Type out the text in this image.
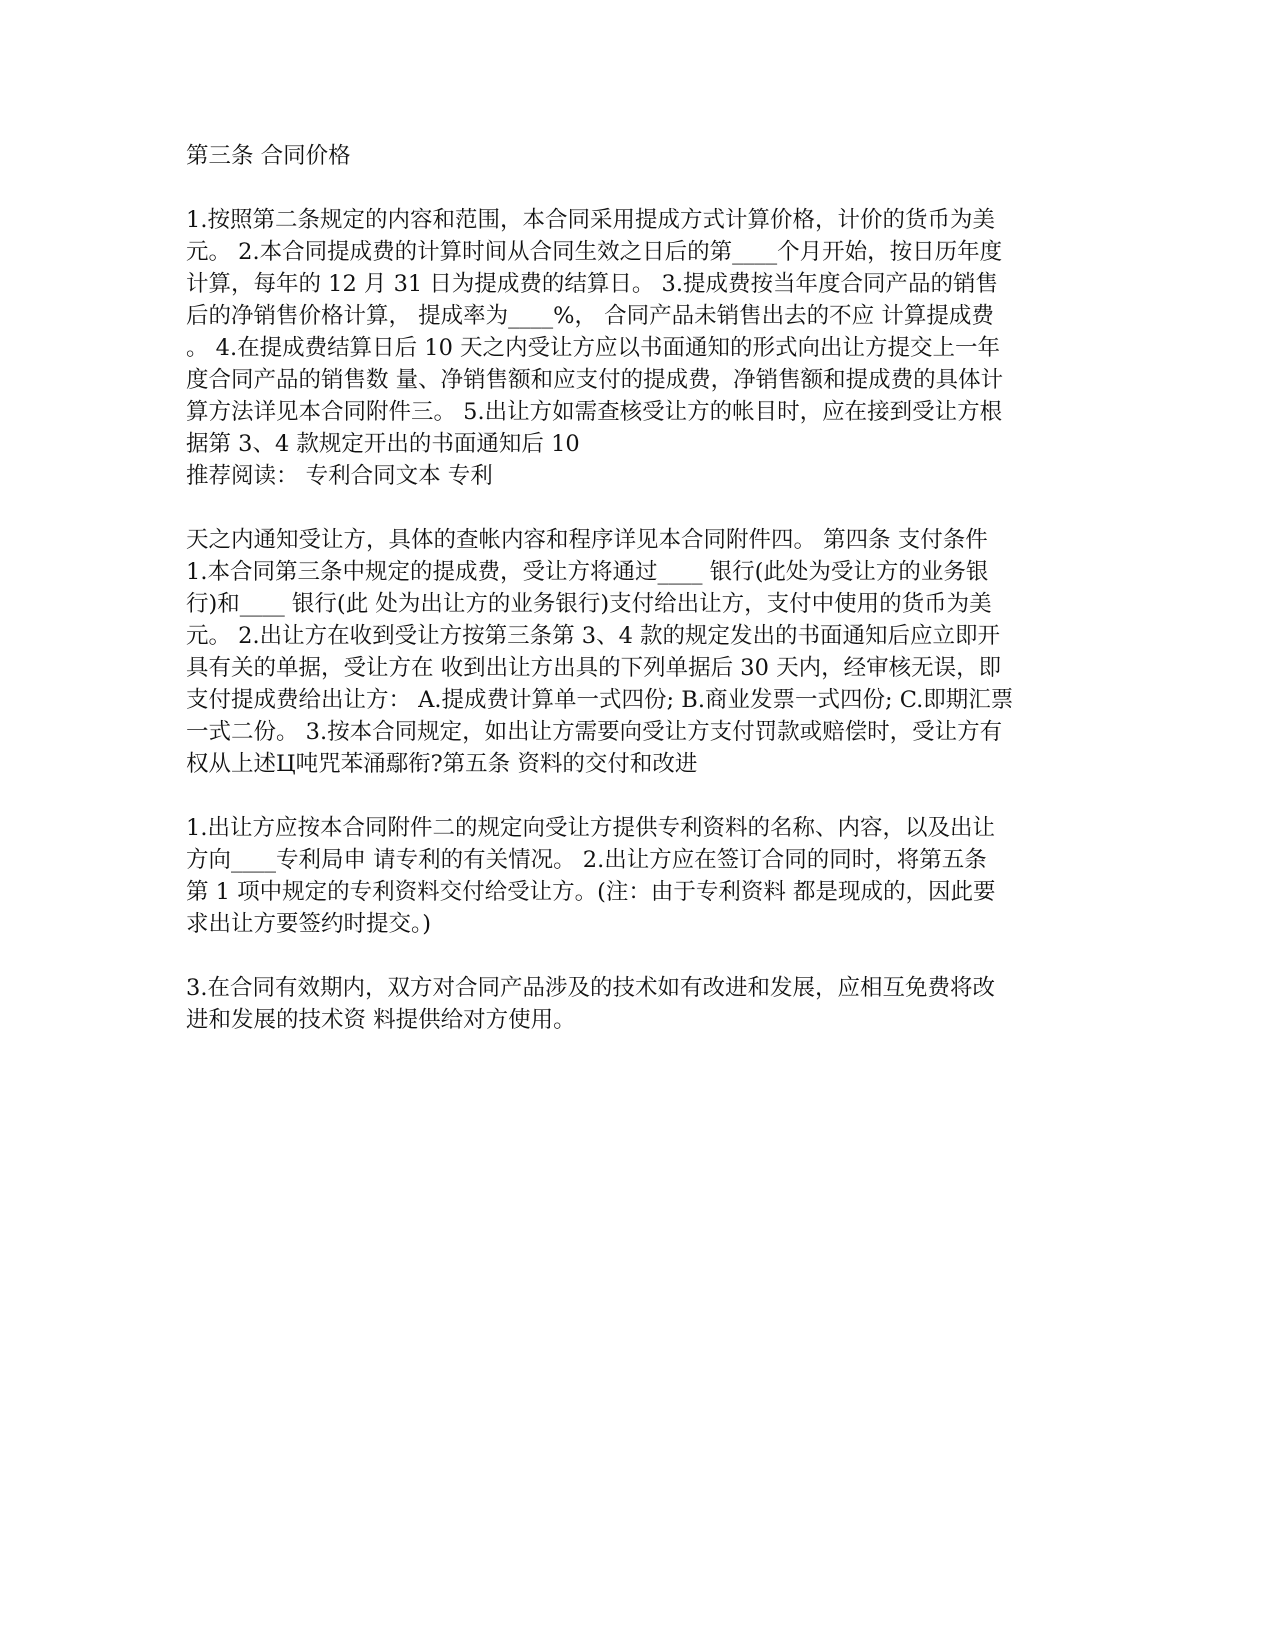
第三条 合同价格
1.按照第二条规定的内容和范围，本合同采用提成方式计算价格，计价的货币为美
元。 2.本合同提成费的计算时间从合同生效之日后的第____个月开始，按日历年度
计算，每年的 12 月 31 日为提成费的结算日。 3.提成费按当年度合同产品的销售
后的净销售价格计算， 提成率为____%， 合同产品未销售出去的不应 计算提成费
。 4.在提成费结算日后 10 天之内受让方应以书面通知的形式向出让方提交上一年
度合同产品的销售数 量、净销售额和应支付的提成费，净销售额和提成费的具体计
算方法详见本合同附件三。 5.出让方如需查核受让方的帐目时，应在接到受让方根
据第 3、4 款规定开出的书面通知后 10
推荐阅读： 专利合同文本 专利
天之内通知受让方，具体的查帐内容和程序详见本合同附件四。 第四条 支付条件
1.本合同第三条中规定的提成费，受让方将通过____ 银行(此处为受让方的业务银
行)和____ 银行(此 处为出让方的业务银行)支付给出让方，支付中使用的货币为美
元。 2.出让方在收到受让方按第三条第 3、4 款的规定发出的书面通知后应立即开
具有关的单据，受让方在 收到出让方出具的下列单据后 30 天内，经审核无误，即
支付提成费给出让方： A.提成费计算单一式四份; B.商业发票一式四份; C.即期汇票
一式二份。 3.按本合同规定，如出让方需要向受让方支付罚款或赔偿时，受让方有
权从上述Ц吨咒苯涌鄢衔?第五条 资料的交付和改进
1.出让方应按本合同附件二的规定向受让方提供专利资料的名称、内容，以及出让
方向____专利局申 请专利的有关情况。 2.出让方应在签订合同的同时，将第五条
第 1 项中规定的专利资料交付给受让方。(注：由于专利资料 都是现成的，因此要
求出让方要签约时提交。)
3.在合同有效期内，双方对合同产品涉及的技术如有改进和发展，应相互免费将改
进和发展的技术资 料提供给对方使用。
